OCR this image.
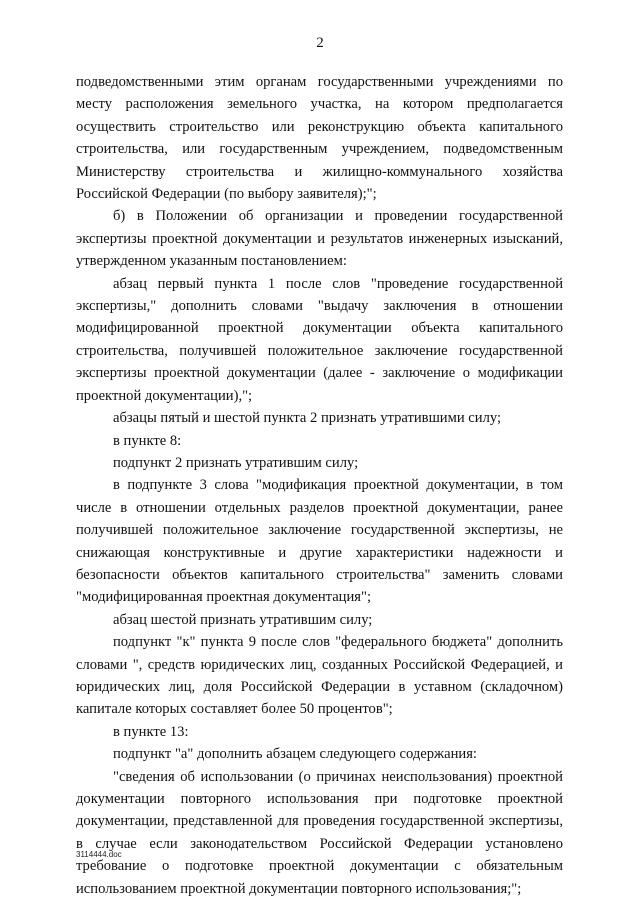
2

подведомственными этим органам государственными учреждениями по месту расположения земельного участка, на котором предполагается осуществить строительство или реконструкцию объекта капитального строительства, или государственным учреждением, подведомственным Министерству строительства и жилищно-коммунального хозяйства Российской Федерации (по выбору заявителя);";

б) в Положении об организации и проведении государственной экспертизы проектной документации и результатов инженерных изысканий, утвержденном указанным постановлением:

абзац первый пункта 1 после слов "проведение государственной экспертизы," дополнить словами "выдачу заключения в отношении модифицированной проектной документации объекта капитального строительства, получившей положительное заключение государственной экспертизы проектной документации (далее - заключение о модификации проектной документации),";

абзацы пятый и шестой пункта 2 признать утратившими силу;

в пункте 8:

подпункт 2 признать утратившим силу;

в подпункте 3 слова "модификация проектной документации, в том числе в отношении отдельных разделов проектной документации, ранее получившей положительное заключение государственной экспертизы, не снижающая конструктивные и другие характеристики надежности и безопасности объектов капитального строительства" заменить словами "модифицированная проектная документация";

абзац шестой признать утратившим силу;

подпункт "к" пункта 9 после слов "федерального бюджета" дополнить словами ", средств юридических лиц, созданных Российской Федерацией, и юридических лиц, доля Российской Федерации в уставном (складочном) капитале которых составляет более 50 процентов";

в пункте 13:

подпункт "а" дополнить абзацем следующего содержания:

"сведения об использовании (о причинах неиспользования) проектной документации повторного использования при подготовке проектной документации, представленной для проведения государственной экспертизы, в случае если законодательством Российской Федерации установлено требование о подготовке проектной документации с обязательным использованием проектной документации повторного использования;";

3114444.doc
